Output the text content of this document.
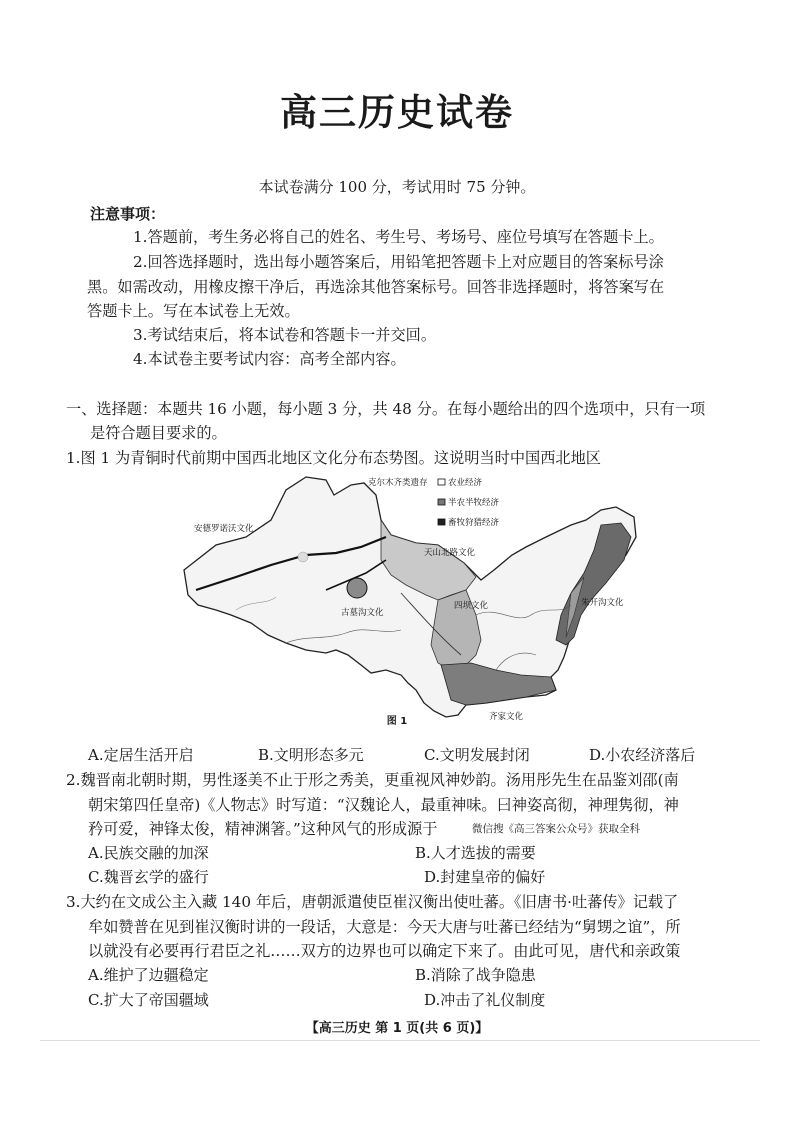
高三历史试卷
本试卷满分 100 分，考试用时 75 分钟。
注意事项：
1.答题前，考生务必将自己的姓名、考生号、考场号、座位号填写在答题卡上。
2.回答选择题时，选出每小题答案后，用铅笔把答题卡上对应题目的答案标号涂
黑。如需改动，用橡皮擦干净后，再选涂其他答案标号。回答非选择题时，将答案写在
答题卡上。写在本试卷上无效。
3.考试结束后，将本试卷和答题卡一并交回。
4.本试卷主要考试内容：高考全部内容。
一、选择题：本题共 16 小题，每小题 3 分，共 48 分。在每小题给出的四个选项中，只有一项
是符合题目要求的。
1.图 1 为青铜时代前期中国西北地区文化分布态势图。这说明当时中国西北地区
农业经济
半农半牧经济
畜牧狩猎经济
克尔木齐类遗存
安德罗诺沃文化
天山北路文化
古墓沟文化
四坝文化	朱开沟文化
齐家文化
图 1
A.定居生活开启	B.文明形态多元	C.文明发展封闭	D.小农经济落后
2.魏晋南北朝时期，男性逐美不止于形之秀美，更重视风神妙韵。汤用彤先生在品鉴刘邵(南
朝宋第四任皇帝)《人物志》时写道：“汉魏论人，最重神味。曰神姿高彻，神理隽彻，神
矜可爱，神锋太俊，精神渊箸。”这种风气的形成源于	微信搜《高三答案公众号》获取全科
A.民族交融的加深	B.人才选拔的需要
C.魏晋玄学的盛行	D.封建皇帝的偏好
3.大约在文成公主入藏 140 年后，唐朝派遣使臣崔汉衡出使吐蕃。《旧唐书·吐蕃传》记载了
牟如赞普在见到崔汉衡时讲的一段话，大意是：今天大唐与吐蕃已经结为“舅甥之谊”，所
以就没有必要再行君臣之礼……双方的边界也可以确定下来了。由此可见，唐代和亲政策
A.维护了边疆稳定	B.消除了战争隐患
C.扩大了帝国疆域	D.冲击了礼仪制度
【高三历史 第 1 页(共 6 页)】
